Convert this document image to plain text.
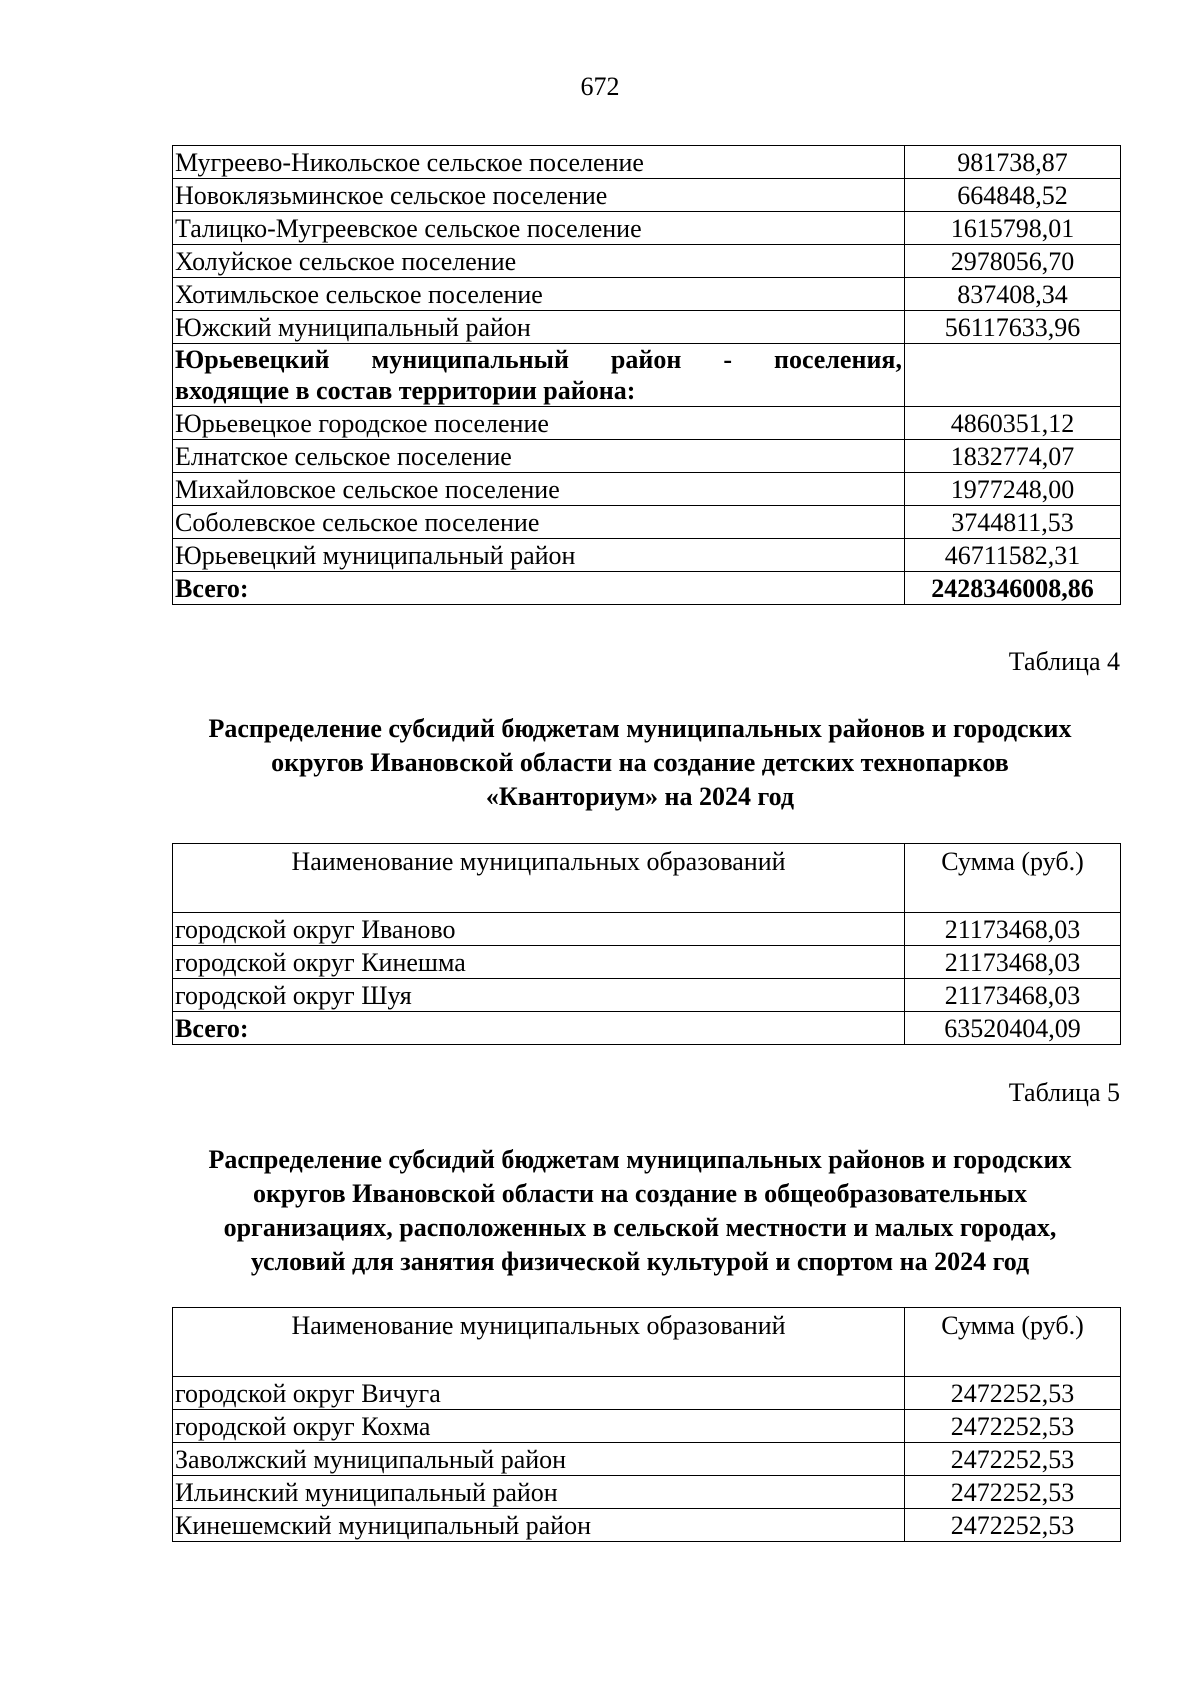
672
Мугреево-Никольское сельское поселение	981738,87
Новоклязьминское сельское поселение	664848,52
Талицко-Мугреевское сельское поселение	1615798,01
Холуйское сельское поселение	2978056,70
Хотимльское сельское поселение	837408,34
Южский муниципальный район	56117633,96
Юрьевецкий муниципальный район - поселения,
входящие в состав территории района:	

Юрьевецкое городское поселение	4860351,12
Елнатское сельское поселение	1832774,07
Михайловское сельское поселение	1977248,00
Соболевское сельское поселение	3744811,53
Юрьевецкий муниципальный район	46711582,31
Всего:	2428346008,86
Таблица 4
Распределение субсидий бюджетам муниципальных районов и городских
округов Ивановской области на создание детских технопарков
«Кванториум» на 2024 год
Наименование муниципальных образований	Сумма (руб.)
городской округ Иваново	21173468,03
городской округ Кинешма	21173468,03
городской округ Шуя	21173468,03
Всего:	63520404,09
Таблица 5
Распределение субсидий бюджетам муниципальных районов и городских
округов Ивановской области на создание в общеобразовательных
организациях, расположенных в сельской местности и малых городах,
условий для занятия физической культурой и спортом на 2024 год
Наименование муниципальных образований	Сумма (руб.)
городской округ Вичуга	2472252,53
городской округ Кохма	2472252,53
Заволжский муниципальный район	2472252,53
Ильинский муниципальный район	2472252,53
Кинешемский муниципальный район	2472252,53
